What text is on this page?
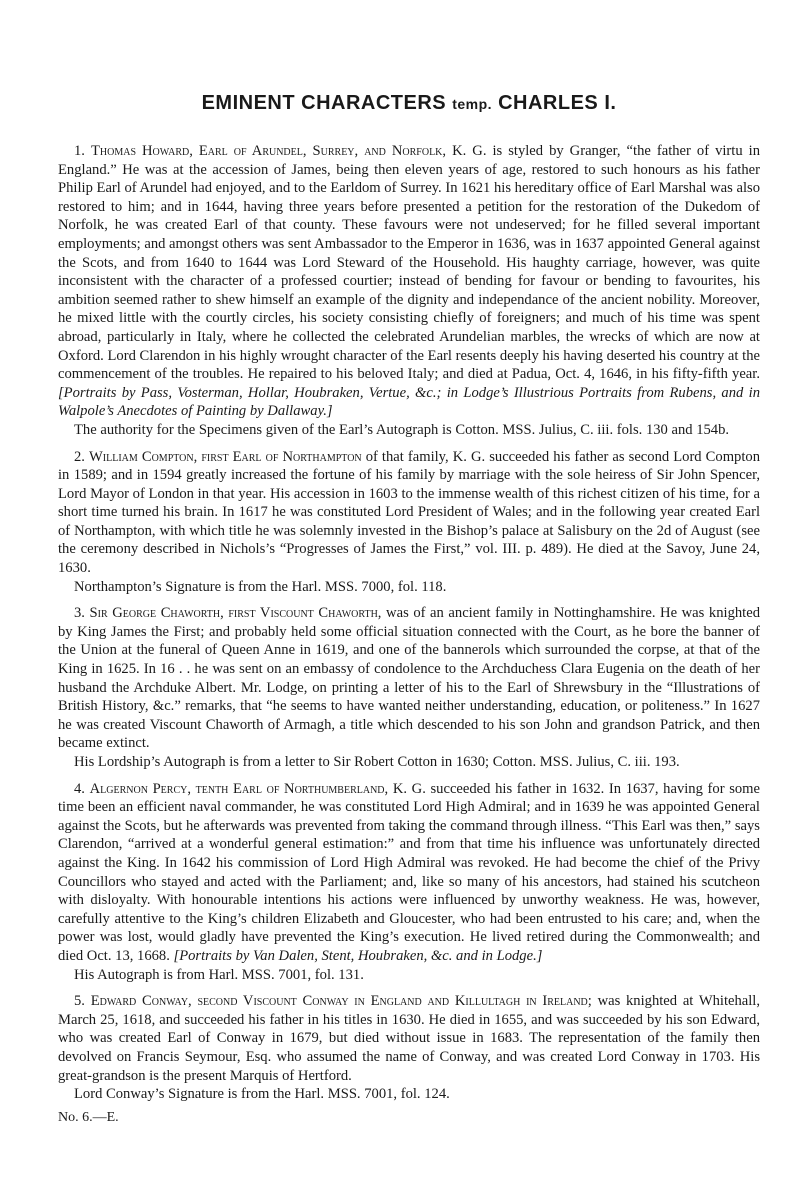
EMINENT CHARACTERS temp. CHARLES I.

1. Thomas Howard, Earl of Arundel, Surrey, and Norfolk, K. G. is styled by Granger, “the father of virtu in England.” He was at the accession of James, being then eleven years of age, restored to such honours as his father Philip Earl of Arundel had enjoyed, and to the Earldom of Surrey. In 1621 his hereditary office of Earl Marshal was also restored to him; and in 1644, having three years before presented a petition for the restoration of the Dukedom of Norfolk, he was created Earl of that county. These favours were not undeserved; for he filled several important employments; and amongst others was sent Ambassador to the Emperor in 1636, was in 1637 appointed General against the Scots, and from 1640 to 1644 was Lord Steward of the Household. His haughty carriage, however, was quite inconsistent with the character of a professed courtier; instead of bending for favour or bending to favourites, his ambition seemed rather to shew himself an example of the dignity and independance of the ancient nobility. Moreover, he mixed little with the courtly circles, his society consisting chiefly of foreigners; and much of his time was spent abroad, particularly in Italy, where he collected the celebrated Arundelian marbles, the wrecks of which are now at Oxford. Lord Clarendon in his highly wrought character of the Earl resents deeply his having deserted his country at the commencement of the troubles. He repaired to his beloved Italy; and died at Padua, Oct. 4, 1646, in his fifty-fifth year. [Portraits by Pass, Vosterman, Hollar, Houbraken, Vertue, &c.; in Lodge’s Illustrious Portraits from Rubens, and in Walpole’s Anecdotes of Painting by Dallaway.]

The authority for the Specimens given of the Earl’s Autograph is Cotton. MSS. Julius, C. iii. fols. 130 and 154b.

2. William Compton, first Earl of Northampton of that family, K. G. succeeded his father as second Lord Compton in 1589; and in 1594 greatly increased the fortune of his family by marriage with the sole heiress of Sir John Spencer, Lord Mayor of London in that year. His accession in 1603 to the immense wealth of this richest citizen of his time, for a short time turned his brain. In 1617 he was constituted Lord President of Wales; and in the following year created Earl of Northampton, with which title he was solemnly invested in the Bishop’s palace at Salisbury on the 2d of August (see the ceremony described in Nichols’s “Progresses of James the First,” vol. III. p. 489). He died at the Savoy, June 24, 1630.

Northampton’s Signature is from the Harl. MSS. 7000, fol. 118.

3. Sir George Chaworth, first Viscount Chaworth, was of an ancient family in Nottinghamshire. He was knighted by King James the First; and probably held some official situation connected with the Court, as he bore the banner of the Union at the funeral of Queen Anne in 1619, and one of the bannerols which surrounded the corpse, at that of the King in 1625. In 16 . . he was sent on an embassy of condolence to the Archduchess Clara Eugenia on the death of her husband the Archduke Albert. Mr. Lodge, on printing a letter of his to the Earl of Shrewsbury in the “Illustrations of British History, &c.” remarks, that “he seems to have wanted neither understanding, education, or politeness.” In 1627 he was created Viscount Chaworth of Armagh, a title which descended to his son John and grandson Patrick, and then became extinct.

His Lordship’s Autograph is from a letter to Sir Robert Cotton in 1630; Cotton. MSS. Julius, C. iii. 193.

4. Algernon Percy, tenth Earl of Northumberland, K. G. succeeded his father in 1632. In 1637, having for some time been an efficient naval commander, he was constituted Lord High Admiral; and in 1639 he was appointed General against the Scots, but he afterwards was prevented from taking the command through illness. “This Earl was then,” says Clarendon, “arrived at a wonderful general estimation:” and from that time his influence was unfortunately directed against the King. In 1642 his commission of Lord High Admiral was revoked. He had become the chief of the Privy Councillors who stayed and acted with the Parliament; and, like so many of his ancestors, had stained his scutcheon with disloyalty. With honourable intentions his actions were influenced by unworthy weakness. He was, however, carefully attentive to the King’s children Elizabeth and Gloucester, who had been entrusted to his care; and, when the power was lost, would gladly have prevented the King’s execution. He lived retired during the Commonwealth; and died Oct. 13, 1668. [Portraits by Van Dalen, Stent, Houbraken, &c. and in Lodge.]

His Autograph is from Harl. MSS. 7001, fol. 131.

5. Edward Conway, second Viscount Conway in England and Killultagh in Ireland; was knighted at Whitehall, March 25, 1618, and succeeded his father in his titles in 1630. He died in 1655, and was succeeded by his son Edward, who was created Earl of Conway in 1679, but died without issue in 1683. The representation of the family then devolved on Francis Seymour, Esq. who assumed the name of Conway, and was created Lord Conway in 1703. His great-grandson is the present Marquis of Hertford.

Lord Conway’s Signature is from the Harl. MSS. 7001, fol. 124.

No. 6.—E.
